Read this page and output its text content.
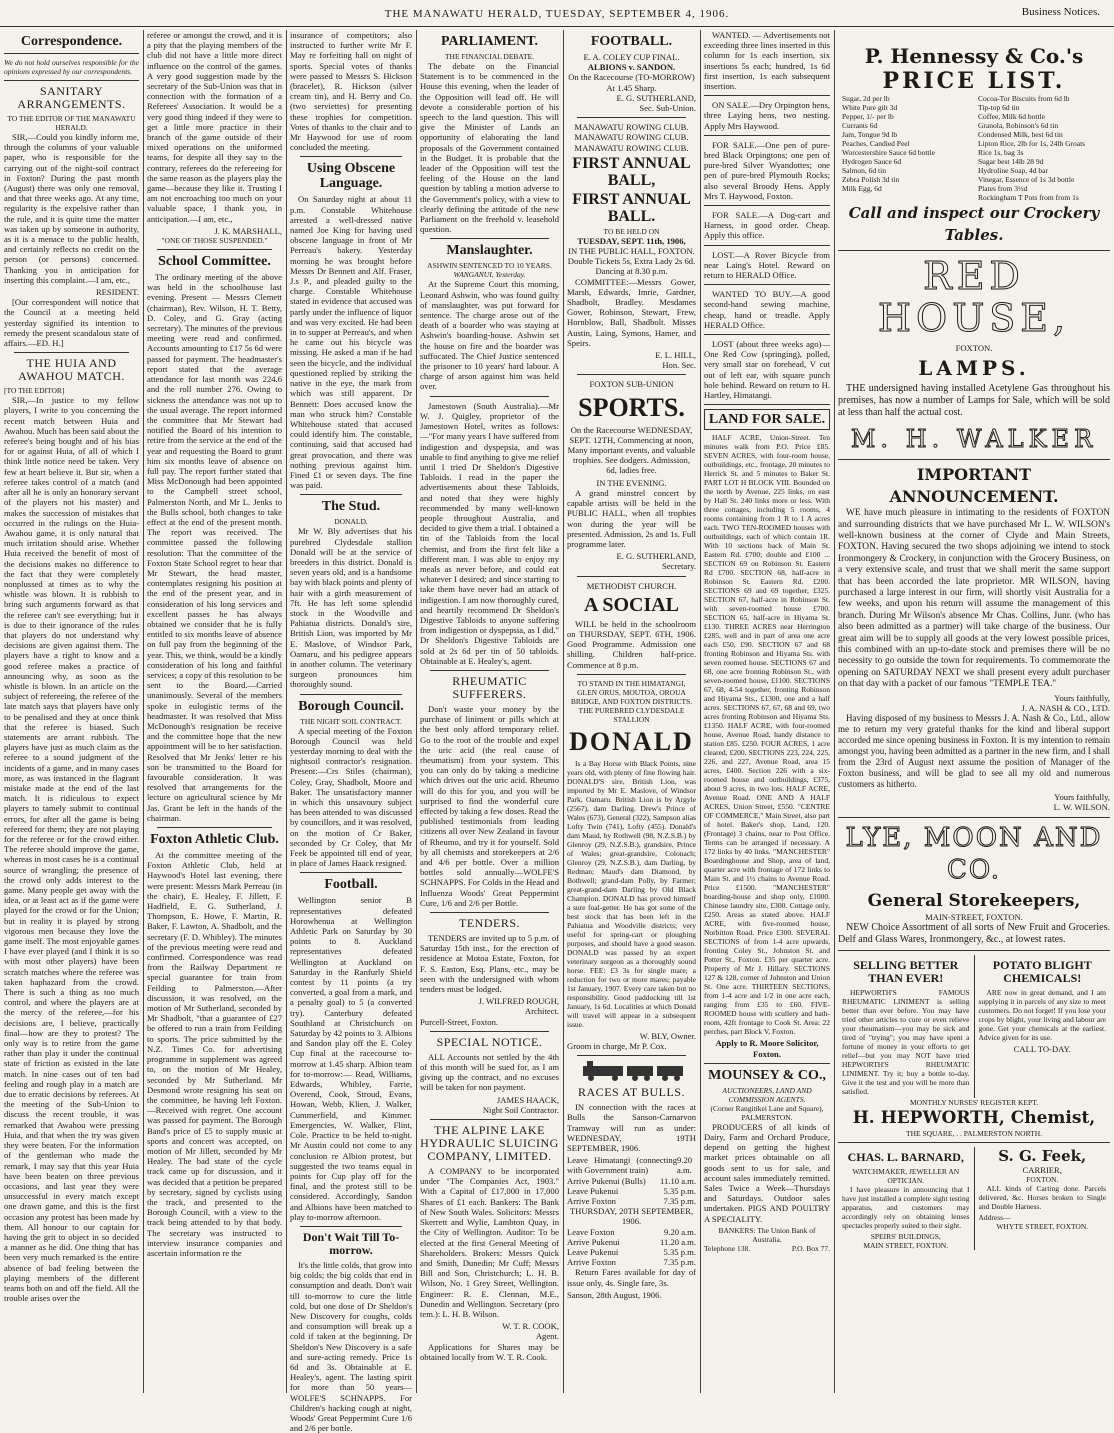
THE MANAWATU HERALD, TUESDAY, SEPTEMBER 4, 1906.	Business Notices.
Correspondence.
We do not hold ourselves responsible for the opinions expressed by our correspondents.
SANITARY ARRANGEMENTS.
TO THE EDITOR OF THE MANAWATU HERALD.

SIR,—Could you kindly inform me, through the columns of your valuable paper, who is responsible for the carrying out of the night-soil contract in Foxton? During the past month (August) there was only one removal, and that three weeks ago. At any time, regularity is the expelsive rather than the rule, and it is quite time the matter was taken up by someone in authority, as it is a menace to the public health, and certainly reflects no credit on the person (or persons) concerned. Thanking you in anticipation for inserting this complaint.—I am, etc.,

RESIDENT.

[Our correspondent will notice that the Council at a meeting held yesterday signified its intention to remedy the present scandalous state of affairs.—ED. H.]

THE HUIA AND AWAHOU MATCH.
[TO THE EDITOR]

SIR,—In justice to my fellow players, I write to you concerning the recent match between Huia and Awahou. Much has been said about the referee's being bought and of his bias for or against Huia, of all of which I think little notice need be taken. Very few at heart believe it. But sir, when a referee takes control of a match (and after all he is only an honorary servant of the players not his master) and makes the succession of mistakes that occurred in the rulings on the Huia-Awahou game, it is only natural that much irritation should arise. Whether Huia received the benefit of most of the decisions makes no difference to the fact that they were completely nonplussed at times as to why the whistle was blown. It is rubbish to bring such arguments forward as that the referee can't see everything; but it is due to their ignorance of the rules that players do not understand why decisions are given against them. The players have a right to know and a good referee makes a practice of announcing why, as soon as the whistle is blown. In an article on the subject of refereeing, the referee of the late match says that players have only to be penalised and they at once think that the referee is biased. Such statements are arrant rubbish. The players have just as much claim as the referee to a sound judgment of the incidents of a game, and in many cases more, as was instanced in the flagrant mistake made at the end of the last match. It is ridiculous to expect players to tamely submit to continual errors, for after all the game is being refereed for them; they are not playing for the referee or for the crowd either. The referee should improve the game, whereas in most cases he is a continual source of wrangling; the presence of the crowd only adds interest to the game. Many people get away with the idea, or at least act as if the game were played for the crowd or for the Union; but in reality it is played by strong vigorous men because they love the game itself. The most enjoyable games I have ever played (and I think it is so with most other players) have been scratch matches where the referee was taken haphazard from the crowd. There is such a thing as too much control, and where the players are at the mercy of the referee,—for his decisions are, I believe, practically final—how are they to protest? The only way is to retire from the game rather than play it under the continual state of friction as existed in the late match. In nine cases out of ten bad feeling and rough play in a match are due to erratic decisions by referees. At the meeting of the Sub-Union to discuss the recent trouble, it was remarked that Awahou were pressing Huia, and that when the try was given they were beaten. For the information of the gentleman who made the remark, I may say that this year Huia have been beaten on three previous occasions, and last year they were unsuccessful in every match except one drawn game, and this is the first occasion any protest has been made by them. All honour to our captain for having the grit to object in so decided a manner as he did. One thing that has been very much remarked is the entire absence of bad feeling between the playing members of the different teams both on and off the field. All the trouble arises over the

referee or amongst the crowd, and it is a pity that the playing members of the club did not have a little more direct influence on the control of the games. A very good suggestion made by the secretary of the Sub-Union was that in connection with the formation of a Referees' Association. It would be a very good thing indeed if they were to get a little more practice in their branch of the game outside of their mixed operations on the uniformed teams, for despite all they say to the contrary, referees do the refereeing for the same reason as the players play the game—because they like it. Trusting I am not encroaching too much on your valuable space, I thank you, in anticipation.—I am, etc.,

J. K. MARSHALL,
"ONE OF THOSE SUSPENDED."
School Committee.

The ordinary meeting of the above was held in the schoolhouse last evening. Present — Messrs Clemett (chairman), Rev. Wilson, H. T. Betty, D. Coley, and G. Gray (acting secretary). The minutes of the previous meeting were read and confirmed. Accounts amounting to £17 5s 6d were passed for payment. The headmaster's report stated that the average attendance for last month was 224.6 and the roll number 276. Owing to sickness the attendance was not up to the usual average. The report informed the committee that Mr Stewart had notified the Board of his intention to retire from the service at the end of the year and requesting the Board to grant him six months leave of absence on full pay. The report further stated that Miss McDonough had been appointed to the Campbell street school, Palmerston North, and Mr L. Jenks to the Bulls school, both changes to take effect at the end of the present month. The report was received. The committee passed the following resolution: That the committee of the Foxton State School regret to hear that Mr Stewart, the head master, contemplates resigning his position at the end of the present year, and in consideration of his long services and excellent passes he has always obtained we consider that he is fully entitled to six months leave of absence on full pay from the beginning of the year. This, we think, would be a kindly consideration of his long and faithful services; a copy of this resolution to be sent to the Board.—Carried unanimously. Several of the members spoke in eulogistic terms of the headmaster. It was resolved that Miss McDonough's resignation be receive and the committee hope that the new appointment will be to her satisfaction. Resolved that Mr Jenks' letter re his son be transmitted to the Board for favourable consideration. It was resolved that arrangements for the lecture on agricultural science by Mr Jas. Grant be left in the hands of the chairman.

Foxton Athletic Club.

At the committee meeting of the Foxton Athletic Club, held at Haywood's Hotel last evening, there were present: Messrs Mark Perreau (in the chair), E. Healey, F. Jillett, F. Hadfield, E. G. Sutherland, J. Thompson, E. Howe, F. Martin, R. Baker, F. Lawton, A. Shadbolt, and the secretary (F. D. Whibley). The minutes of the previous meeting were read and confirmed. Correspondence was read from the Railway Department re special guarantee for train from Feilding to Palmerston.—After discussion, it was resolved, on the motion of Mr Sutherland, seconded by Mr Shadbolt, "that a guarantee of £27 be offered to run a train from Feilding to sports. The price submitted by the N.Z. Times Co. for advertising programme in supplement was agreed to, on the motion of Mr Healey, seconded by Mr Sutherland. Mr Desmond wrote resigning his seat on the committee, he having left Foxton.—Received with regret. One account was passed for payment. The Borough Band's price of £5 to supply music at sports and concert was accepted, on motion of Mr Jillett, seconded by Mr Healey. The bad state of the cycle track came up for discussion, and it was decided that a petition be prepared by secretary, signed by cyclists using the track, and presented to the Borough Council, with a view to the track being attended to by that body. The secretary was instructed to interview insurance companies and ascertain information re the

insurance of competitors; also instructed to further write Mr F. May re forfeiting hall on night of sports. Special votes of thanks were passed to Messrs S. Hickson (bracelet), R. Hickson (silver cream tin), and H. Berry and Co. (two serviettes) for presenting these trophies for competition. Votes of thanks to the chair and to Mr Haywood for use of room concluded the meeting.

Using Obscene Language.

On Saturday night at about 11 p.m. Constable Whitehouse arrested a well-dressed native named Joe King for having used obscene language in front of Mr Perreau's bakery. Yesterday morning he was brought before Messrs Dr Bennett and Alf. Fraser, J.s P., and pleaded guilty to the charge. Constable Whitehouse stated in evidence that accused was partly under the influence of liquor and was very excited. He had been in to supper at Perreau's, and when he came out his bicycle was missing. He asked a man if he had seen the bicycle, and the individual questioned replied by striking the native in the eye, the mark from which was still apparent. Dr Bennett: Does accused know the man who struck him? Constable Whitehouse stated that accused could identify him. The constable, continuing, said that accused had great provocation, and there was nothing previous against him. Fined £1 or seven days. The fine was paid.

The Stud.
DONALD.

Mr W. Bly advertises that his purebred Clydesdale stallion Donald will be at the service of breeders in this district. Donald is seven years old, and is a handsome bay with black points and plenty of hair with a girth measurement of 7ft. He has left some splendid stock in the Woodville and Pahiatua districts. Donald's sire, British Lion, was imported by Mr E. Maslove, of Windsor Park, Oamaru, and his pedigree appears in another column. The veterinary surgeon pronounces him thoroughly sound.

Borough Council.
THE NIGHT SOIL CONTRACT.

A special meeting of the Foxton Borough Council was held yesterday morning to deal with the nightsoil contractor's resignation. Present:—Crs Stiles (chairman), Coley, Gray, Shadbolt, Moore and Baker. The unsatisfactory manner in which this unsavoury subject has been attended to was discussed by councillors, and it was resolved, on the motion of Cr Baker, seconded by Cr Coley, that Mr Feek be appointed till end of year, in place of James Haack resigned.

Football.

Wellington senior B representatives defeated Horowhenua at Wellington Athletic Park on Saturday by 30 points to 8. Auckland representatives defeated Wellington at Auckland on Saturday in the Ranfurly Shield contest by 11 points (a try converted, a goal from a mark, and a penalty goal) to 5 (a converted try). Canterbury defeated Southland at Christchurch on Saturday by 42 points to 3. Albions and Sandon play off the E. Coley Cup final at the racecourse to-morrow at 1.45 sharp. Albion team for to-morrow:— Read, Williams, Edwards, Whibley, Farrie, Overend, Cook, Stroud, Evans, Howan, Webb, Klien, J. Walker, Cummerfield, and Kimmer. Emergencies, W. Walker, Flint, Cole. Practice to be held to-night. Mr Austin could not come to any conclusion re Albion protest, but suggested the two teams equal in points for Cup play off for the final, and the protest still to be considered. Accordingly, Sandon and Albions have been matched to play to-morrow afternoon.

Don't Wait Till To-morrow.

It's the little colds, that grow into big colds; the big colds that end in consumption and death. Don't wait till to-morrow to cure the little cold, but one dose of Dr Sheldon's New Discovery for coughs, colds and consumption will break up a cold if taken at the beginning. Dr Sheldon's New Discovery is a safe and sure-acting remedy. Price 1s 6d and 3s. Obtainable at E. Healey's, agent. The lasting spirit for more than 50 years—WOLFE'S SCHNAPPS. For Children's hacking cough at night, Woods' Great Peppermint Cure 1/6 and 2/6 per bottle.

PARLIAMENT.
THE FINANCIAL DEBATE.

The debate on the Financial Statement is to be commenced in the House this evening, when the leader of the Opposition will lead off. He will devote a considerable portion of his speech to the land question. This will give the Minister of Lands an opportunity of elaborating the land proposals of the Government contained in the Budget. It is probable that the leader of the Opposition will test the feeling of the House on the land question by tabling a motion adverse to the Government's policy, with a view to clearly defining the attitude of the new Parliament on the freehold v. leasehold question.

Manslaughter.
ASHWIN SENTENCED TO 10 YEARS.
WANGANUI, Yesterday.

At the Supreme Court this morning, Leonard Ashwin, who was found guilty of manslaughter, was put forward for sentence. The charge arose out of the death of a boarder who was staying at Ashwin's boarding-house. Ashwin set the house on fire and the boarder was suffocated. The Chief Justice sentenced the prisoner to 10 years' hard labour. A charge of arson against him was held over.

Jamestown (South Australia).—Mr W. J. Quigley, proprietor of the Jamestown Hotel, writes as follows:—"For many years I have suffered from indigestion and dyspepsia, and was unable to find anything to give me relief until I tried Dr Sheldon's Digestive Tabloids. I read in the paper the advertisements about these Tabloids, and noted that they were highly recommended by many well-known people throughout Australia, and decided to give them a trial. I obtained a tin of the Tabloids from the local chemist, and from the first felt like a different man. I was able to enjoy my meals as never before, and could eat whatever I desired; and since starting to take them have never had an attack of indigestion. I am now thoroughly cured, and heartily recommend Dr Sheldon's Digestive Tabloids to anyone suffering from indigestion or dyspepsia, as I did." Dr Sheldon's Digestive Tabloids are sold at 2s 6d per tin of 50 tabloids. Obtainable at E. Healey's, agent.

RHEUMATIC SUFFERERS.

Don't waste your money by the purchase of liniment or pills which at the best only afford temporary relief. Go to the root of the trouble and expel the uric acid (the real cause of rheumatism) from your system. This you can only do by taking a medicine which drives out the uric acid. Rheumo will do this for you, and you will be surprised to find the wonderful cure effected by taking a few doses. Read the published testimonials from leading citizens all over New Zealand in favour of Rheumo, and try it for yourself. Sold by all chemists and storekeepers at 2/6 and 4/6 per bottle. Over a million bottles sold annually—WOLFE'S SCHNAPPS. For Colds in the Head and Influenza Woods' Great Peppermint Cure, 1/6 and 2/6 per Bottle.

TENDERS.

TENDERS are invited up to 5 p.m. of Saturday 15th inst., for the erection of residence at Motoa Estate, Foxton, for F. S. Easton, Esq. Plans, etc., may be seen with the undersigned with whom tenders must be lodged.

J. WILFRED ROUGH,
Architect.
Purcell-Street, Foxton.
SPECIAL NOTICE.

ALL Accounts not settled by the 4th of this month will be sued for, as I am giving up the contract, and no excuses will be taken for non payment.

JAMES HAACK,
Night Soil Contractor.
THE ALPINE LAKE HYDRAULIC SLUICING COMPANY, LIMITED.

A COMPANY to be incorporated under "The Companies Act, 1903." With a Capital of £17,000 in 17,000 Shares of £1 each. Bankers: The Bank of New South Wales. Solicitors: Messrs Skerrett and Wylie, Lambton Quay, in the City of Wellington. Auditor: To be elected at the first General Meeting of Shareholders. Brokers: Messrs Quick and Smith, Dunedin; Mr Cuff; Messrs Bill and Son, Christchurch; L. H. B. Wilson, No. 1 Grey Street, Wellington. Engineer: R. E. Clennan, M.E., Dunedin and Wellington. Secretary (pro tem.): L. H. B. Wilson.

W. T. R. COOK,
Agent.

Applications for Shares may be obtained locally from W. T. R. Cook.

FOOTBALL.
E. A. COLEY CUP FINAL.
ALBIONS v. SANDON.
On the Racecourse (TO-MORROW) At 1.45 Sharp.
E. G. SUTHERLAND,
Sec. Sub-Union.
MANAWATU ROWING CLUB.
MANAWATU ROWING CLUB.
MANAWATU ROWING CLUB.
FIRST ANNUAL BALL,
FIRST ANNUAL BALL.
TO BE HELD ON
TUESDAY, SEPT. 11th, 1906,
IN THE PUBLIC HALL, FOXTON.
Double Tickets 5s, Extra Lady 2s 6d.
Dancing at 8.30 p.m.

COMMITTEE:—Messrs Gower, Marsh, Edwards, Imrie, Gardner, Shadbolt, Bradley. Mesdames Gower, Robinson, Stewart, Frew, Hornblow, Ball, Shadbolt. Misses Austin, Laing, Symons, Hamer, and Speirs.

E. L. HILL,
Hon. Sec.
FOXTON SUB-UNION
SPORTS.

On the Racecourse WEDNESDAY, SEPT. 12TH, Commencing at noon, Many important events, and valuable trophies. See dodgers. Admission, 6d, ladies free.

IN THE EVENING.

A grand minstrel concert by capable artists will be held in the PUBLIC HALL, when all trophies won during the year will be presented. Admission, 2s and 1s. Full programme later.

E. G. SUTHERLAND,
Secretary.
METHODIST CHURCH.
A SOCIAL

WILL be held in the schoolroom on THURSDAY, SEPT. 6TH, 1906. Good Programme. Admission one shilling. Children half-price. Commence at 8 p.m.

TO STAND IN THE HIMATANGI, GLEN ORUS, MOUTOA, OROUA BRIDGE, AND FOXTON DISTRICTS.
THE PUREBRED CLYDESDALE STALLION
DONALD

Is a Bay Horse with Black Points, nine years old, with plenty of fine flowing hair. DONALD'S sire, British Lion, was imported by Mr E. Maslove, of Windsor Park, Oamaru. British Lion is by Argyle (2567), dam Darling. Drew's Prince of Wales (673), General (322), Sampson alias Lofty Twin (741), Lofty (455). Donald's dam Maud, by Rothwell (98, N.Z.S.B.) by Glenroy (29, N.Z.S.B.), grandsire, Prince of Wales; great-grandsire, Colonach; Glenroy (29, N.Z.S.B.), dam Darling, by Redman; Maud's dam Diamond, by Bothwell; grand-dam Polly, by Farmer; great-grand-dam Darling by Old Black Champion. DONALD has proved himself a sure foal-getter. He has got some of the best stock that has been left in the Pahiatua and Woodville districts; very useful for spring-cart or ploughing purposes, and should have a good season. DONALD was passed by an expert veterinary surgeon as a thoroughly sound horse. FEE: £3 3s for single mare; a reduction for two or more mares; payable 1st January, 1907. Every care taken but no responsibility. Good paddocking till 1st January, 1s 6d. Localities at which Donald will travel will appear in a subsequent issue.

W. BLY, Owner.
Groom in charge, Mr P. Cox.
RACES AT BULLS.

IN connection with the races at Bulls the Sanson-Carnarvon Tramway will run as under: WEDNESDAY, 19TH SEPTEMBER, 1906.

Leave Himatangi (connecting with Government train)
9.20 a.m.
Arrive Pukenui (Bulls) 11.10 a.m.
Leave Pukenui	5.35 p.m.
Arrive Foxton	7.35 p.m.
THURSDAY, 20TH SEPTEMBER, 1906.
Leave Foxton	9.20 a.m.
Arrive Pukenui	11.20 a.m.
Leave Pukenui	5.35 p.m.
Arrive Foxton	7.35 p.m.

Return Fares available for day of issue only, 4s. Single fare, 3s.

Sanson, 28th August, 1906.

WANTED. — Advertisements not exceeding three lines inserted in this column for 1s each insertion, six insertions 5s each; hundred, 1s 6d first insertion, 1s each subsequent insertion.

ON SALE.—Dry Orpington hens, three Laying hens, two nesting. Apply Mrs Haywood.

FOR SALE.—One pen of pure-bred Black Orpingtons; one pen of pure-bred Silver Wyandottes; one pen of pure-bred Plymouth Rocks; also several Broody Hens. Apply Mrs T. Haywood, Foxton.

FOR SALE.—A Dog-cart and Harness, in good order. Cheap. Apply this office.

LOST.—A Rover Bicycle from near Laing's Hotel. Reward on return to HERALD Office.

WANTED TO BUY.—A good second-hand sewing machine, cheap, hand or treadle. Apply HERALD Office.

LOST (about three weeks ago)—One Red Cow (springing), polled, very small star on forehead, V cut out of left ear, with square punch hole behind. Reward on return to H. Hartley, Himatangi.

LAND FOR SALE.

HALF ACRE, Union-Street. Ten minutes walk from P.O. Price £85. SEVEN ACRES, with four-room house, outbuildings, etc., frontage, 20 minutes to Herrick St. and 5 minutes to Baker St. PART LOT H BLOCK VIII. Bounded on the north by Avenue, 225 links, on east by Hall St. 240 links more or less. With three cottages, including 5 rooms, 4 rooms containing from 1 R to 1 A acres each. TWO TEN-ROOMED houses with outbuildings, each of which contain 1R. With 10 sections back of Main St. Eastern Rd. £700; double and £100 ... SECTION 69 on Robinson St. Eastern Rd £700. SECTION 68, half-acre in Robinson St. Eastern Rd. £200. SECTIONS 69 and 69 together, £325. SECTION 67, half-acre in Robinson St. with seven-roomed house £700. SECTION 65, half-acre in Hiyama St. £130. THREE ACRES near Herrington £285, well and in part of area one acre each £50, £90. SECTION 67 and 68 fronting Robinson and Hiyama Sts. with seven roomed house. SECTIONS 67 and 68, one acre fronting Robinson St., with seven-roomed house, £1100. SECTIONS 67, 68, 4-54 together, fronting Robinson and Hiyama Sts., £1300, one and a half acres. SECTIONS 67, 67, 68 and 69, two acres fronting Robinson and Hiyama Sts. £1350. HALF ACRE, with four-roomed house, Avenue Road, handy distance to station £85. £250. FOUR ACRES, 1 acre cleared, £200. SECTIONS 223, 224, 225, 226, and 227, Avenue Road, area 15 acres, £400. Section 226 with a six-roomed house and outbuildings, £375, about 9 acres, in two lots. HALF ACRE, Avenue Road. ONE AND A HALF ACRES, Union Street, £550. "CENTRE OF COMMERCE," Main Street, also part of hotel. Baker's shop, Land, 120. (Frontage) 3 chains, near to Post Office. Terms can be arranged if necessary. A 172 links by 40 links. "MANCHESTER" Boardinghouse and Shop, area of land, quarter acre with frontage of 172 links to Main St. and 1½ chains to Avenue Road. Price £1500. "MANCHESTER" boarding-house and shop only, £1000. Chinese laundry site, £300. Cottage only, £250. Areas as stated above. HALF ACRE, with five-roomed house, Norbitton Road. Price £300. SEVERAL SECTIONS of from 1-4 acre upwards, fronting Coley St., Johnston St. and Potter St., Foxton. £35 per quarter acre. Property of Mr J. Hillary. SECTIONS 127 & 128, corner of Johnston and Union St. One acre. THIRTEEN SECTIONS, from 1-4 acre and 1/2 in one acre each, ranging from £35 to £60. FIVE-ROOMED house with scullery and bath-room, 42ft frontage to Cook St. Area: 22 perches, part Block V, Foxton.

Apply to R. Moore Solicitor, Foxton.
MOUNSEY & CO.,
AUCTIONEERS, LAND AND COMMISSION AGENTS.
(Corner Rangitikei Lane and Square), PALMERSTON.

PRODUCERS of all kinds of Dairy, Farm and Orchard Produce, depend on getting the highest market prices obtainable on all goods sent to us for sale, and account sales immediately remitted. Sales Twice a Week—Thursdays and Saturdays. Outdoor sales undertaken. PIGS AND POULTRY A SPECIALITY.

BANKERS: The Union Bank of Australia.
Telephone 138.	P.O. Box 77.
P. Hennessy & Co.'s
PRICE LIST.
Sugar, 2d per lb
White Pure gilt 3d
Pepper, 1/- per lb
Currants 6d
Jam, Tongue 9d lb
Peaches, Candied Peel
Worcestershire Sauce 6d bottle
Hydrogen Sauce 6d
Salmon, 6d tin
Zebra Polish 3d tin
Milk Egg, 6d
Cocoa-Tor Biscuits from 6d lb
Tip-top 6d tin
Coffee, Milk 6d bottle
Granola, Robinson's 6d tin
Condensed Milk, best 6d tin
Lipton Rice, 2lb for 1s, 24lb Groats
Rice 1s, bag 3s
Sugar best 14lb 28 9d
Hydroline Soap, 4d bar
Vinegar, Essence of 1s 3d bottle
Plates from 3½d
Rockingham T Pots from from 1s
Call and inspect our Crockery Tables.
RED HOUSE,
FOXTON.
LAMPS.

THE undersigned having installed Acetylene Gas throughout his premises, has now a number of Lamps for Sale, which will be sold at less than half the actual cost.

M. H. WALKER
IMPORTANT ANNOUNCEMENT.

WE have much pleasure in intimating to the residents of FOXTON and surrounding districts that we have purchased Mr L. W. WILSON's well-known business at the corner of Clyde and Main Streets, FOXTON. Having secured the two shops adjoining we intend to stock Ironmongery & Crockery, in conjunction with the Grocery Business, on a very extensive scale, and trust that we shall merit the same support that has been accorded the late proprietor. MR WILSON, having purchased a large interest in our firm, will shortly visit Australia for a few weeks, and upon his return will assume the management of this branch. During Mr Wilson's absence Mr Chas. Collins, Junr. (who has also been admitted as a partner) will take charge of the business. Our great aim will be to supply all goods at the very lowest possible prices, this combined with an up-to-date stock and premises there will be no necessity to go outside the town for requirements. To commemorate the opening on SATURDAY NEXT we shall present every adult purchaser on that day with a packet of our famous "TEMPLE TEA."

Yours faithfully,
J. A. NASH & CO., LTD.

Having disposed of my business to Messrs J. A. Nash & Co., Ltd., allow me to return my very grateful thanks for the kind and liberal support accorded me since opening business in Foxton. It is my intention to remain amongst you, having been admitted as a partner in the new firm, and I shall from the 23rd of August next assume the position of Manager of the Foxton business, and will be glad to see all my old and numerous customers as hitherto.

Yours faithfully,
L. W. WILSON.
LYE, MOON AND CO.
General Storekeepers,
MAIN-STREET, FOXTON.

NEW Choice Assortment of all sorts of New Fruit and Groceries. Delf and Glass Wares, Ironmongery, &c., at lowest rates.

SELLING BETTER THAN EVER!

HEPWORTH'S FAMOUS RHEUMATIC LINIMENT is selling better than ever before. You may have tried other articles to cure or even relieve your rheumatism—you may be sick and tired of "trying"; you may have spent a fortune of money in your efforts to get relief—but you may NOT have tried HEPWORTH'S RHEUMATIC LINIMENT. Try it; buy a bottle to-day. Give it the test and you will be more than satisfied.

POTATO BLIGHT CHEMICALS!

ARE now in great demand, and I am supplying it in parcels of any size to meet customers. Do not forget! If you lose your crops by blight, your living and labour are gone. Get your chemicals at the earliest. Advice given for its use.

CALL TO-DAY.
MONTHLY NURSES' REGISTER KEPT.
H. HEPWORTH, Chemist,
THE SQUARE, . . PALMERSTON NORTH.
CHAS. L. BARNARD,
WATCHMAKER, JEWELLER AN OPTICIAN.

I have pleasure in announcing that I have just installed a complete sight testing apparatus, and customers may accordingly rely on obtaining lenses spectacles properly suited to their sight.

SPEIRS' BUILDINGS,
MAIN STREET, FOXTON.
S. G. Feek,
CARRIER,
FOXTON.

ALL kinds of Carting done. Parcels delivered, &c. Horses broken to Single and Double Harness.

Address—
WHYTE STREET, FOXTON.
